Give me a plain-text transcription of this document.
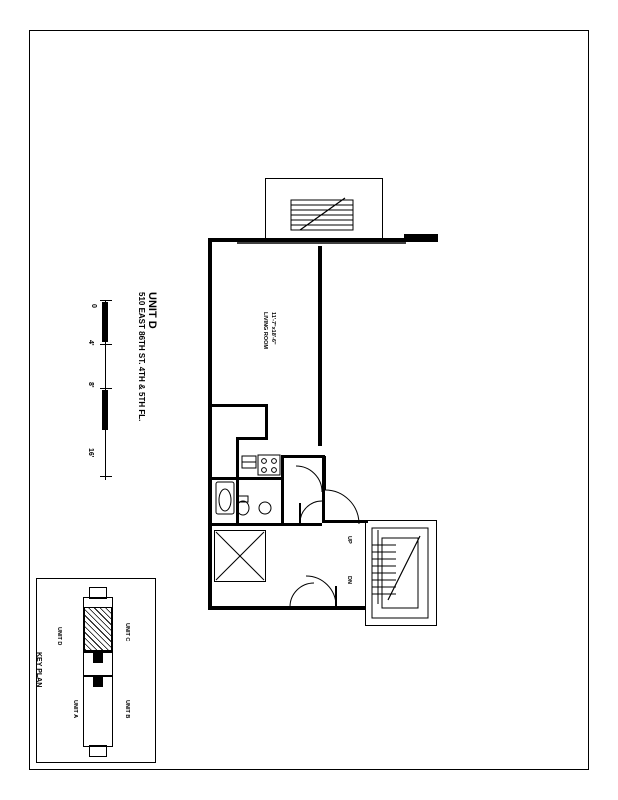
UNIT D
510 EAST 86TH ST. 4TH & 5TH FL.
0
4'
8'
16'
LIVING ROOM 11'-7"x18'-6"
UP
DN
KEY PLAN
UNIT C
UNIT D
UNIT B
UNIT A
